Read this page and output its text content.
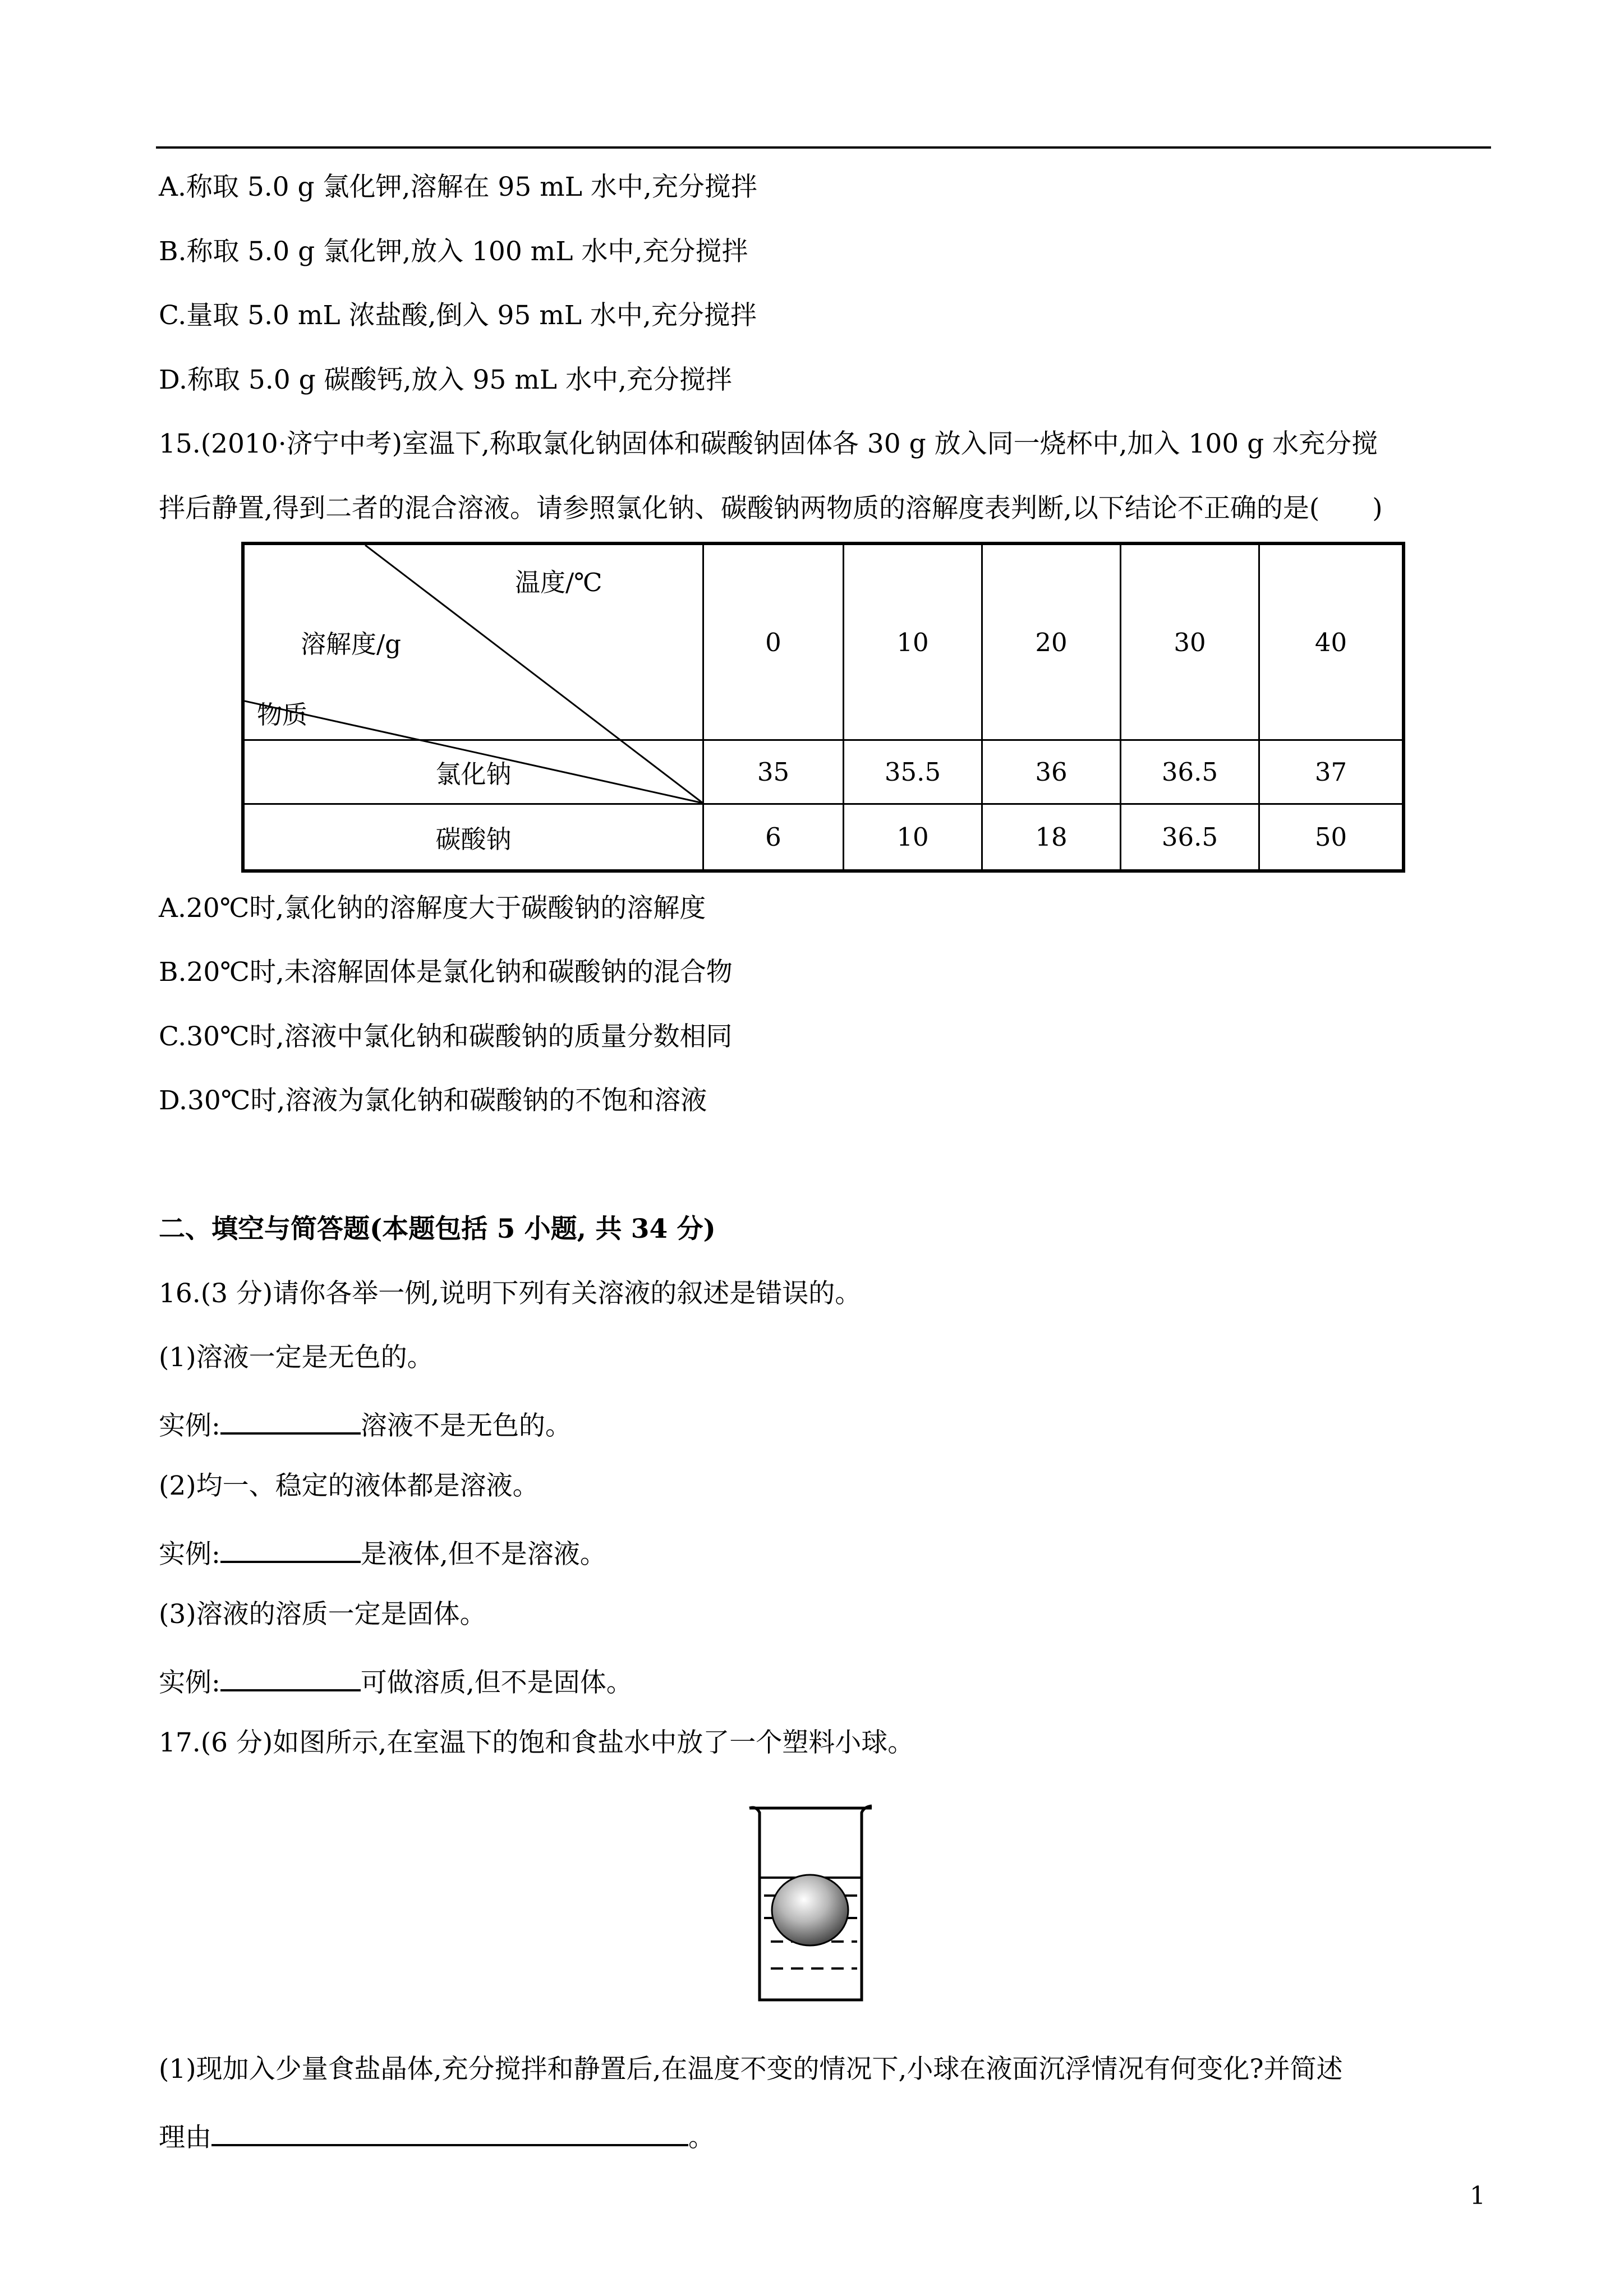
A.称取 5.0 g 氯化钾,溶解在 95 mL 水中,充分搅拌
B.称取 5.0 g 氯化钾,放入 100 mL 水中,充分搅拌
C.量取 5.0 mL 浓盐酸,倒入 95 mL 水中,充分搅拌
D.称取 5.0 g 碳酸钙,放入 95 mL 水中,充分搅拌
15.(2010·济宁中考)室温下,称取氯化钠固体和碳酸钠固体各 30 g 放入同一烧杯中,加入 100 g 水充分搅
拌后静置,得到二者的混合溶液。请参照氯化钠、碳酸钠两物质的溶解度表判断,以下结论不正确的是(　　)
温度/℃
溶解度/g
物质
0	10	20	30	40
氯化钠	35	35.5	36	36.5	37
碳酸钠	6	10	18	36.5	50
A.20℃时,氯化钠的溶解度大于碳酸钠的溶解度
B.20℃时,未溶解固体是氯化钠和碳酸钠的混合物
C.30℃时,溶液中氯化钠和碳酸钠的质量分数相同
D.30℃时,溶液为氯化钠和碳酸钠的不饱和溶液
二、填空与简答题(本题包括 5 小题, 共 34 分)
16.(3 分)请你各举一例,说明下列有关溶液的叙述是错误的。
(1)溶液一定是无色的。
实例:	溶液不是无色的。
(2)均一、稳定的液体都是溶液。
实例:	是液体,但不是溶液。
(3)溶液的溶质一定是固体。
实例:	可做溶质,但不是固体。
17.(6 分)如图所示,在室温下的饱和食盐水中放了一个塑料小球。
(1)现加入少量食盐晶体,充分搅拌和静置后,在温度不变的情况下,小球在液面沉浮情况有何变化?并简述
理由	。
1
